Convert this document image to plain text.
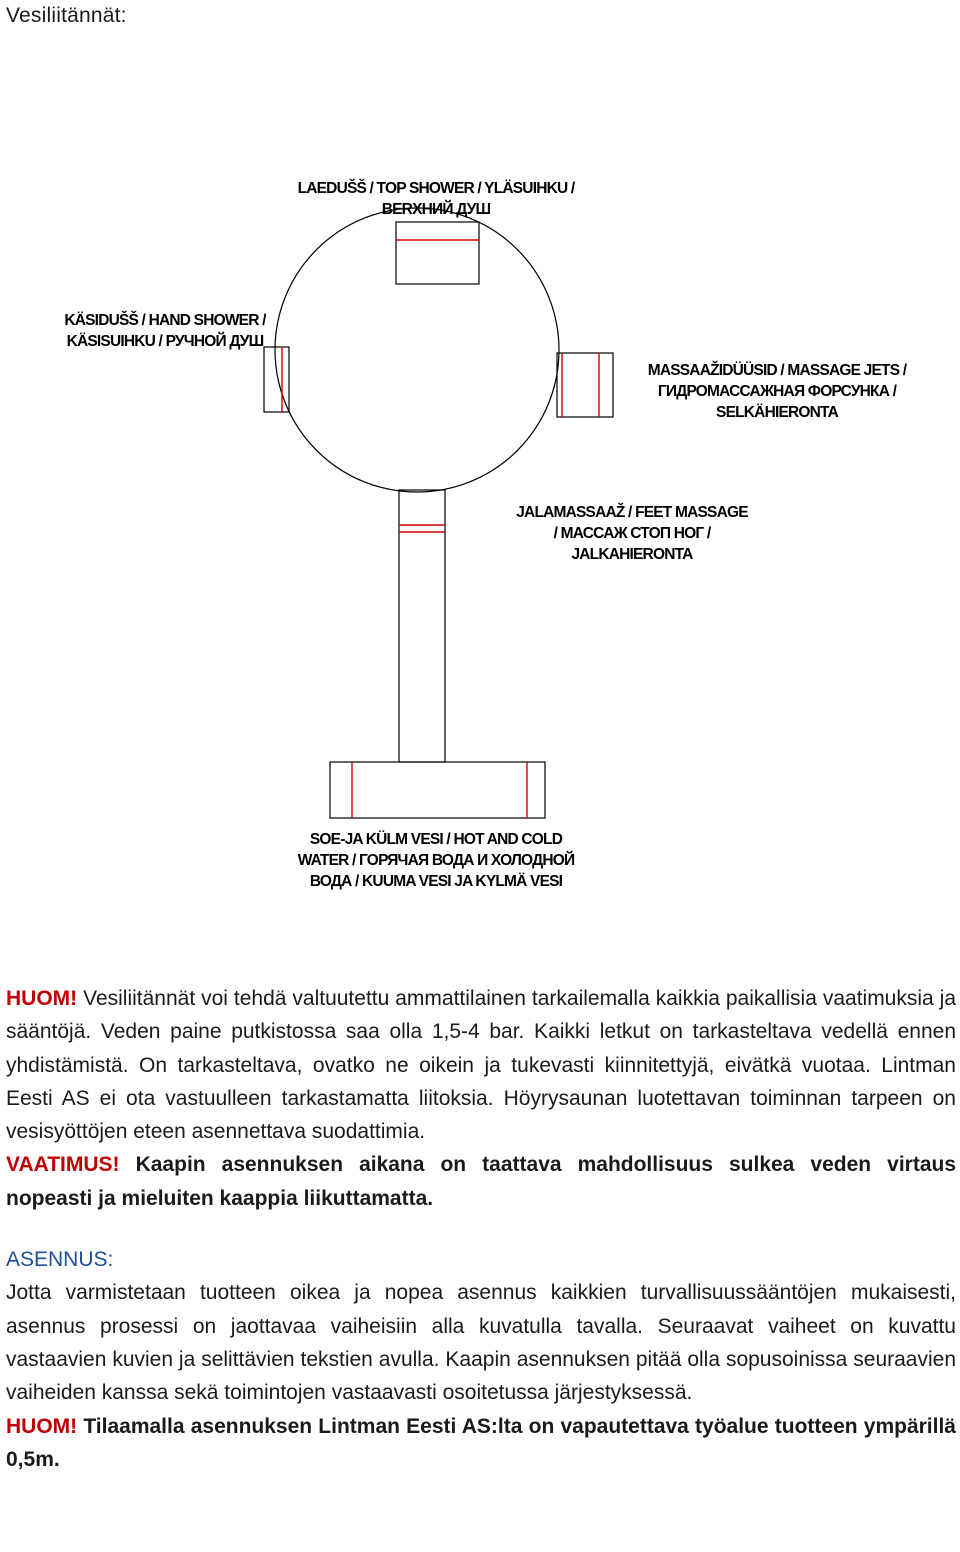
Vesiliitännät:
LAEDUŠŠ / TOP SHOWER / YLÄSUIHKU /
BERXНИЙ ДУШ
KÄSIDUŠŠ / HAND SHOWER /
KÄSISUIHKU / РУЧНОЙ ДУШ
MASSAAŽIDÜÜSID / MASSAGE JETS /
ГИДРОМАССАЖНАЯ ФОРСУНКА /
SELKÄHIERONTA
JALAMASSAAŽ / FEET MASSAGE
/ МАССАЖ СТОП НОГ /
JALKAHIERONTA
SOE-JA KÜLM VESI / HOT AND COLD
WATER / ГОРЯЧАЯ ВОДА И ХОЛОДНОЙ
ВОДА / KUUMA VESI JA KYLMÄ VESI

HUOM! Vesiliitännät voi tehdä valtuutettu ammattilainen tarkailemalla kaikkia paikallisia vaatimuksia ja sääntöjä. Veden paine putkistossa saa olla 1,5-4 bar. Kaikki letkut on tarkasteltava vedellä ennen yhdistämistä. On tarkasteltava, ovatko ne oikein ja tukevasti kiinnitettyjä, eivätkä vuotaa. Lintman Eesti AS ei ota vastuulleen tarkastamatta liitoksia. Höyrysaunan luotettavan toiminnan tarpeen on vesisyöttöjen eteen asennettava suodattimia.

VAATIMUS! Kaapin asennuksen aikana on taattava mahdollisuus sulkea veden virtaus nopeasti ja mieluiten kaappia liikuttamatta.

ASENNUS:

Jotta varmistetaan tuotteen oikea ja nopea asennus kaikkien turvallisuussääntöjen mukaisesti, asennus prosessi on jaottavaa vaiheisiin alla kuvatulla tavalla. Seuraavat vaiheet on kuvattu vastaavien kuvien ja selittävien tekstien avulla. Kaapin asennuksen pitää olla sopusoinissa seuraavien vaiheiden kanssa sekä toimintojen vastaavasti osoitetussa järjestyksessä.

HUOM! Tilaamalla asennuksen Lintman Eesti AS:lta on vapautettava työalue tuotteen ympärillä 0,5m.
